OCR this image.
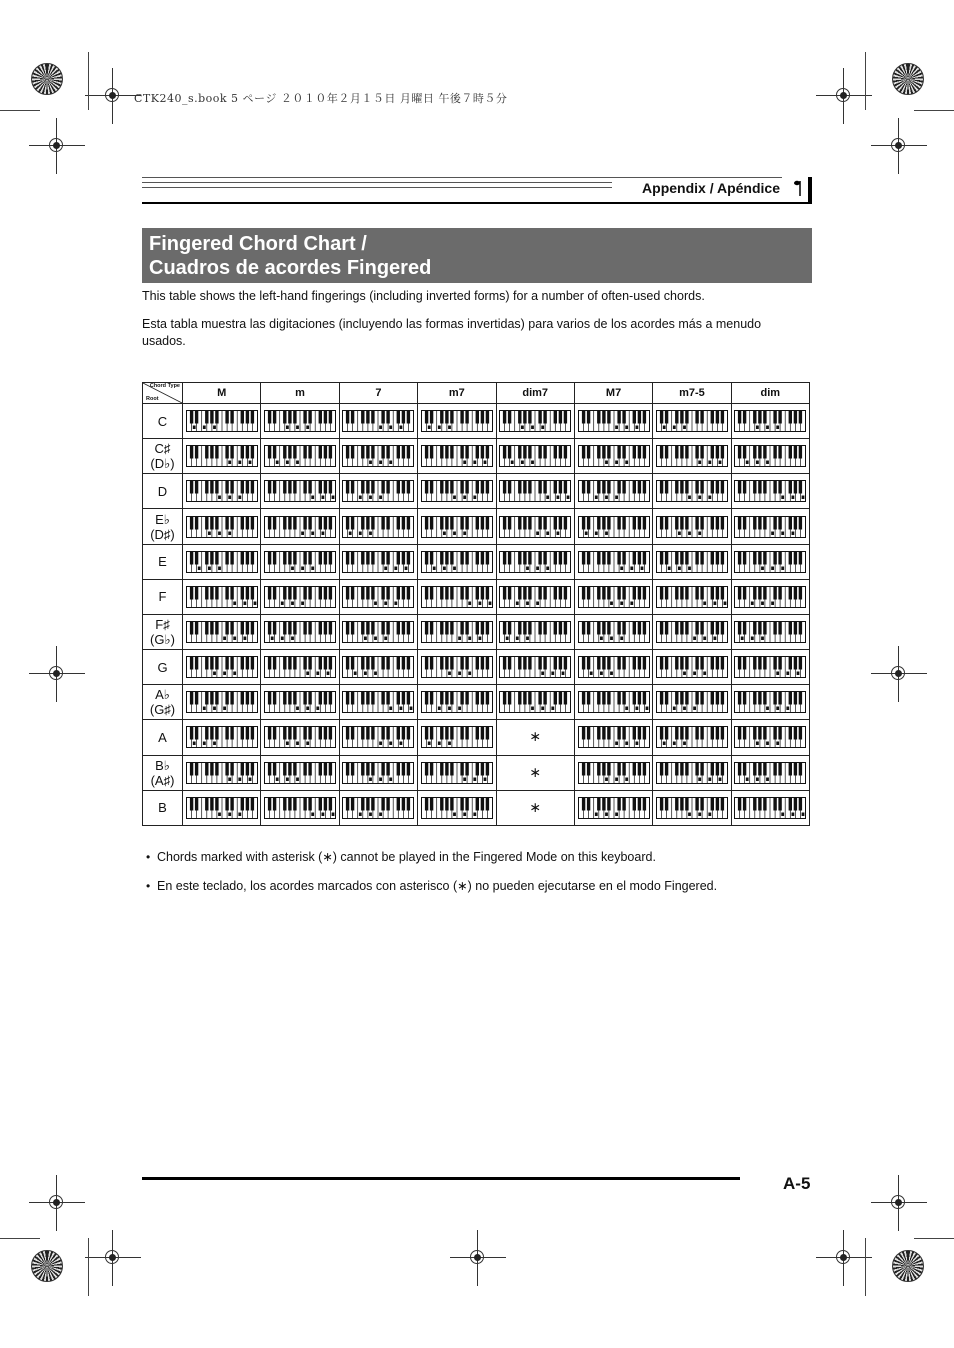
CTK240_s.book 5 ページ ２０１０年２月１５日 月曜日 午後７時５分
Appendix / Apéndice
Fingered Chord Chart /
Cuadros de acordes Fingered
This table shows the left-hand fingerings (including inverted forms) for a number of often-used chords.
Esta tabla muestra las digitaciones (incluyendo las formas invertidas) para varios de los acordes más a menudo usados.
Chord Type
Root	M	m	7	m7	dim7	M7	m7-5	dim

C

C♯
(D♭)

D

E♭
(D♯)

E

F

F♯
(G♭)

G

A♭
(G♯)

A					∗	

B♭
(A♯)					∗	

B					∗	

• Chords marked with asterisk (∗) cannot be played in the Fingered Mode on this keyboard.
• En este teclado, los acordes marcados con asterisco (∗) no pueden ejecutarse en el modo Fingered.
A-5
